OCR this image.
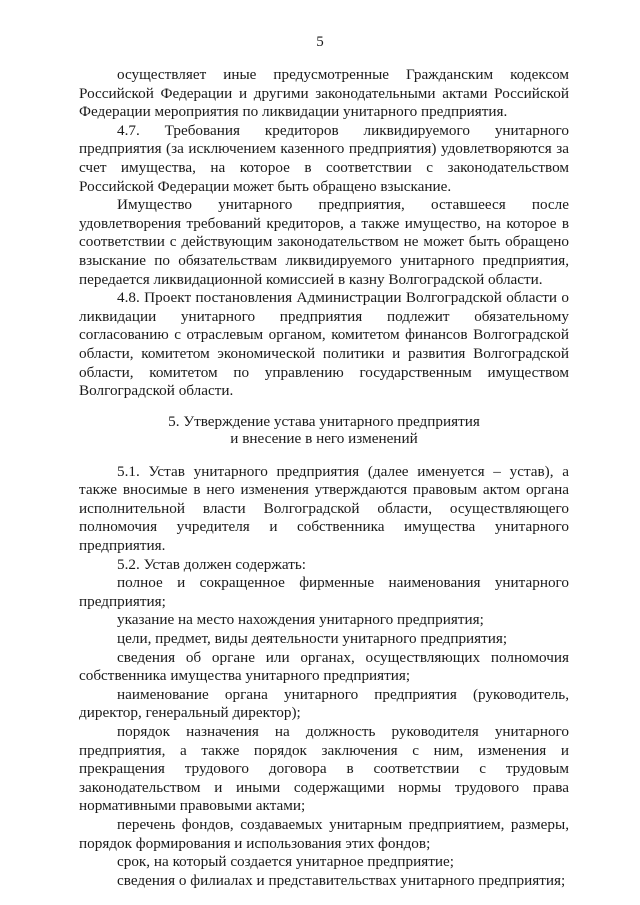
5

осуществляет иные предусмотренные Гражданским кодексом Российской Федерации и другими законодательными актами Российской Федерации мероприятия по ликвидации унитарного предприятия.

4.7. Требования кредиторов ликвидируемого унитарного предприятия (за исключением казенного предприятия) удовлетворяются за счет имущества, на которое в соответствии с законодательством Российской Федерации может быть обращено взыскание.

Имущество унитарного предприятия, оставшееся после удовлетворения требований кредиторов, а также имущество, на которое в соответствии с действующим законодательством не может быть обращено взыскание по обязательствам ликвидируемого унитарного предприятия, передается ликвидационной комиссией в казну Волгоградской области.

4.8. Проект постановления Администрации Волгоградской области о ликвидации унитарного предприятия подлежит обязательному согласованию с отраслевым органом, комитетом финансов Волгоградской области, комитетом экономической политики и развития Волгоградской области, комитетом по управлению государственным имуществом Волгоградской области.

5. Утверждение устава унитарного предприятия
и внесение в него изменений

5.1. Устав унитарного предприятия (далее именуется – устав), а также вносимые в него изменения утверждаются правовым актом органа исполнительной власти Волгоградской области, осуществляющего полномочия учредителя и собственника имущества унитарного предприятия.

5.2. Устав должен содержать:

полное и сокращенное фирменные наименования унитарного предприятия;

указание на место нахождения унитарного предприятия;

цели, предмет, виды деятельности унитарного предприятия;

сведения об органе или органах, осуществляющих полномочия собственника имущества унитарного предприятия;

наименование органа унитарного предприятия (руководитель, директор, генеральный директор);

порядок назначения на должность руководителя унитарного предприятия, а также порядок заключения с ним, изменения и прекращения трудового договора в соответствии с трудовым законодательством и иными содержащими нормы трудового права нормативными правовыми актами;

перечень фондов, создаваемых унитарным предприятием, размеры, порядок формирования и использования этих фондов;

срок, на который создается унитарное предприятие;

сведения о филиалах и представительствах унитарного предприятия;
